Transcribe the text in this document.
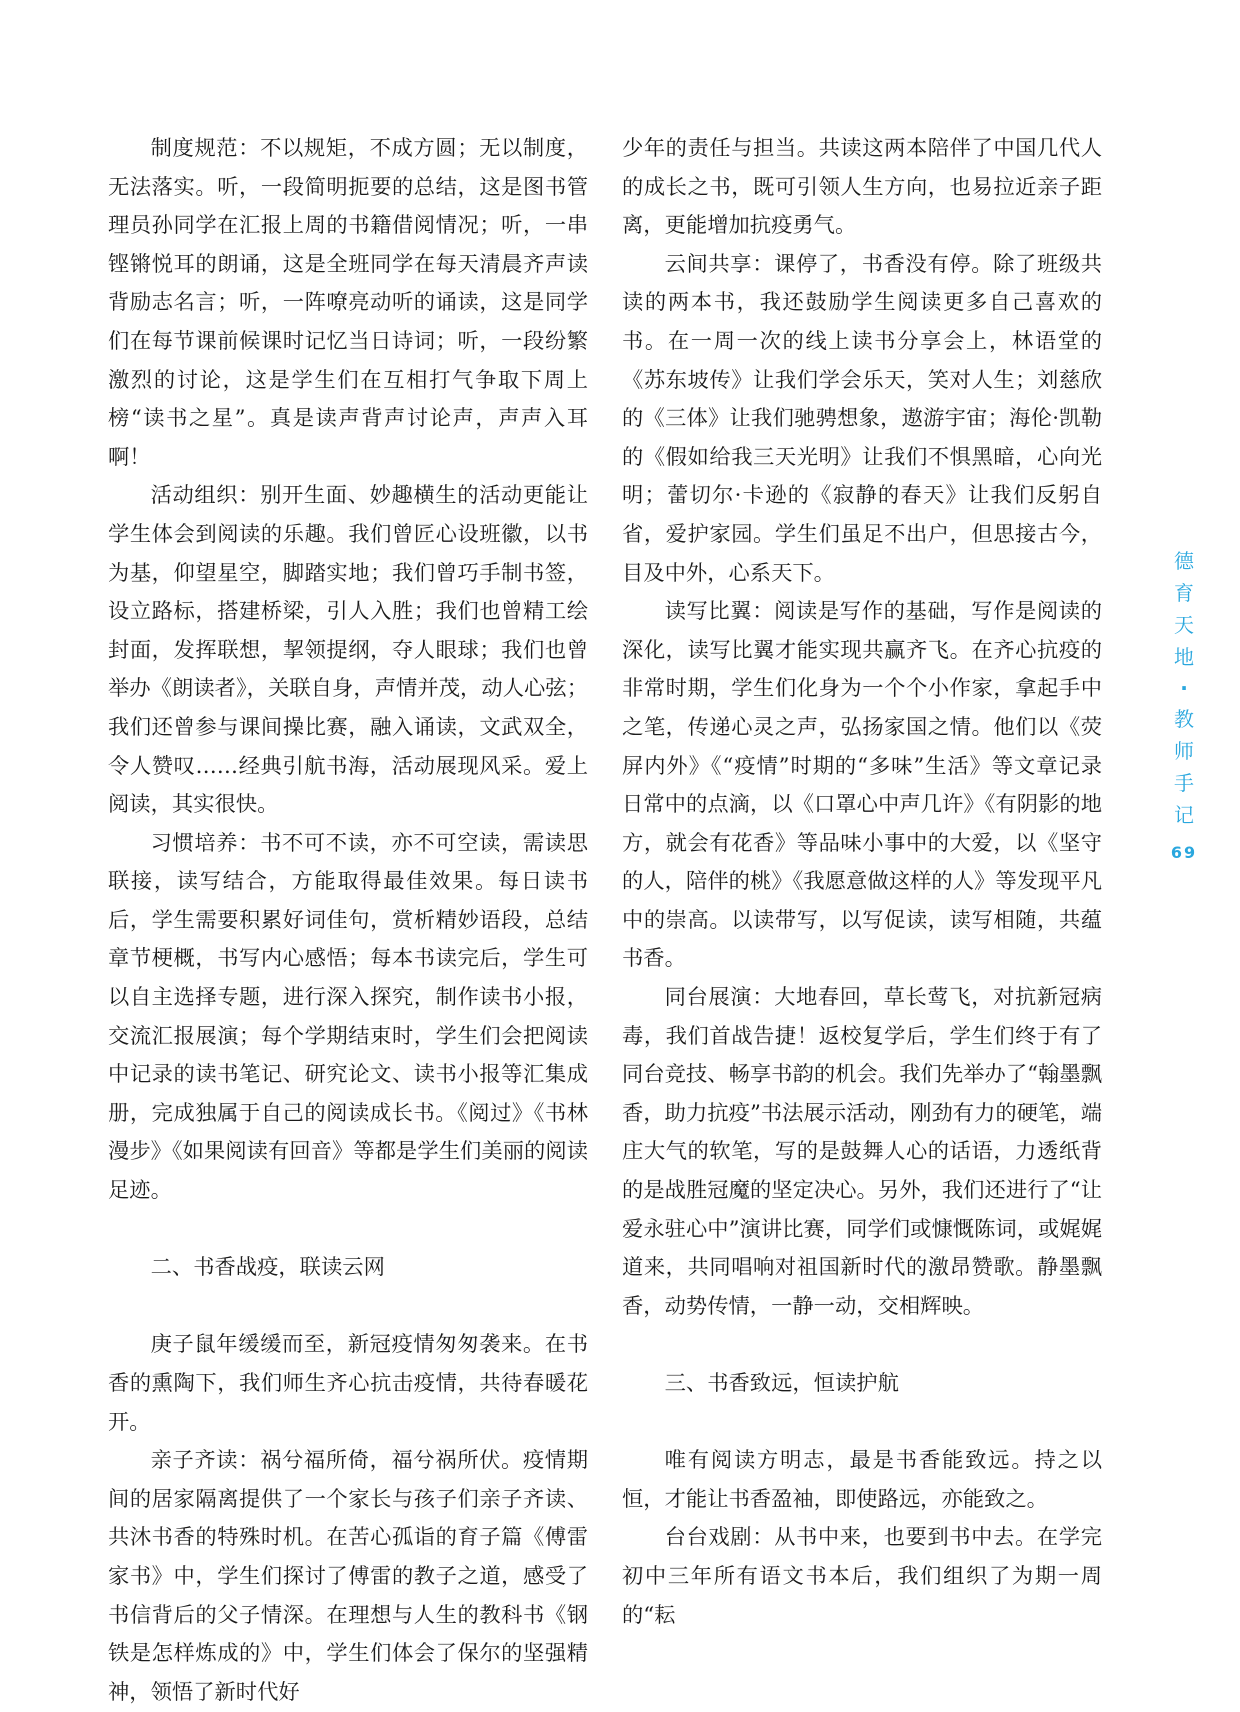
制度规范：不以规矩，不成方圆；无以制度，无法落实。听，一段简明扼要的总结，这是图书管理员孙同学在汇报上周的书籍借阅情况；听，一串铿锵悦耳的朗诵，这是全班同学在每天清晨齐声读背励志名言；听，一阵嘹亮动听的诵读，这是同学们在每节课前候课时记忆当日诗词；听，一段纷繁激烈的讨论，这是学生们在互相打气争取下周上榜“读书之星”。真是读声背声讨论声，声声入耳啊！

活动组织：别开生面、妙趣横生的活动更能让学生体会到阅读的乐趣。我们曾匠心设班徽，以书为基，仰望星空，脚踏实地；我们曾巧手制书签，设立路标，搭建桥梁，引人入胜；我们也曾精工绘封面，发挥联想，挈领提纲，夺人眼球；我们也曾举办《朗读者》，关联自身，声情并茂，动人心弦；我们还曾参与课间操比赛，融入诵读，文武双全，令人赞叹……经典引航书海，活动展现风采。爱上阅读，其实很快。

习惯培养：书不可不读，亦不可空读，需读思联接，读写结合，方能取得最佳效果。每日读书后，学生需要积累好词佳句，赏析精妙语段，总结章节梗概，书写内心感悟；每本书读完后，学生可以自主选择专题，进行深入探究，制作读书小报，交流汇报展演；每个学期结束时，学生们会把阅读中记录的读书笔记、研究论文、读书小报等汇集成册，完成独属于自己的阅读成长书。《阅过》《书林漫步》《如果阅读有回音》等都是学生们美丽的阅读足迹。

二、书香战疫，联读云网

庚子鼠年缓缓而至，新冠疫情匆匆袭来。在书香的熏陶下，我们师生齐心抗击疫情，共待春暖花开。

亲子齐读：祸兮福所倚，福兮祸所伏。疫情期间的居家隔离提供了一个家长与孩子们亲子齐读、共沐书香的特殊时机。在苦心孤诣的育子篇《傅雷家书》中，学生们探讨了傅雷的教子之道，感受了书信背后的父子情深。在理想与人生的教科书《钢铁是怎样炼成的》中，学生们体会了保尔的坚强精神，领悟了新时代好

少年的责任与担当。共读这两本陪伴了中国几代人的成长之书，既可引领人生方向，也易拉近亲子距离，更能增加抗疫勇气。

云间共享：课停了，书香没有停。除了班级共读的两本书，我还鼓励学生阅读更多自己喜欢的书。在一周一次的线上读书分享会上，林语堂的《苏东坡传》让我们学会乐天，笑对人生；刘慈欣的《三体》让我们驰骋想象，遨游宇宙；海伦·凯勒的《假如给我三天光明》让我们不惧黑暗，心向光明；蕾切尔·卡逊的《寂静的春天》让我们反躬自省，爱护家园。学生们虽足不出户，但思接古今，目及中外，心系天下。

读写比翼：阅读是写作的基础，写作是阅读的深化，读写比翼才能实现共赢齐飞。在齐心抗疫的非常时期，学生们化身为一个个小作家，拿起手中之笔，传递心灵之声，弘扬家国之情。他们以《荧屏内外》《“疫情”时期的“多味”生活》等文章记录日常中的点滴，以《口罩心中声几许》《有阴影的地方，就会有花香》等品味小事中的大爱，以《坚守的人，陪伴的桃》《我愿意做这样的人》等发现平凡中的崇高。以读带写，以写促读，读写相随，共蕴书香。

同台展演：大地春回，草长莺飞，对抗新冠病毒，我们首战告捷！返校复学后，学生们终于有了同台竞技、畅享书韵的机会。我们先举办了“翰墨飘香，助力抗疫”书法展示活动，刚劲有力的硬笔，端庄大气的软笔，写的是鼓舞人心的话语，力透纸背的是战胜冠魔的坚定决心。另外，我们还进行了“让爱永驻心中”演讲比赛，同学们或慷慨陈词，或娓娓道来，共同唱响对祖国新时代的激昂赞歌。静墨飘香，动势传情，一静一动，交相辉映。

三、书香致远，恒读护航

唯有阅读方明志，最是书香能致远。持之以恒，才能让书香盈袖，即使路远，亦能致之。

台台戏剧：从书中来，也要到书中去。在学完初中三年所有语文书本后，我们组织了为期一周的“耘

德
育
天
地
·
教
师
手
记
69
